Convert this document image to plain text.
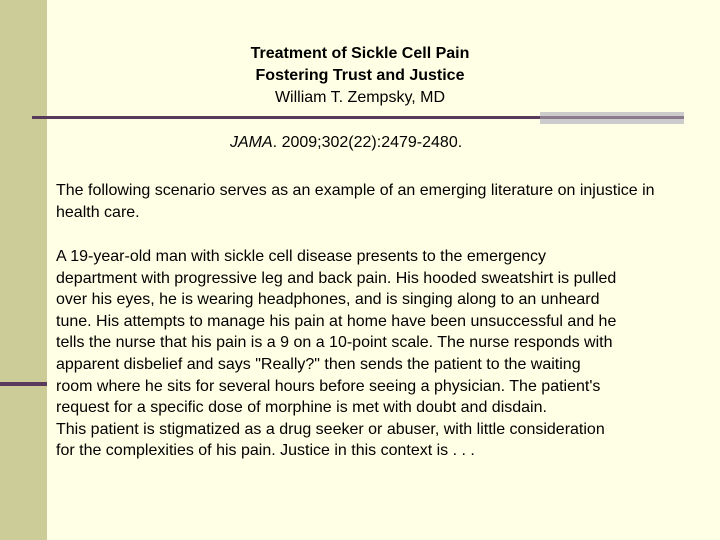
Treatment of Sickle Cell Pain
Fostering Trust and Justice
William T. Zempsky, MD
JAMA. 2009;302(22):2479-2480.
The following scenario serves as an example of an emerging literature on injustice in health care.
A 19-year-old man with sickle cell disease presents to the emergency
department with progressive leg and back pain. His hooded sweatshirt is pulled
over his eyes, he is wearing headphones, and is singing along to an unheard
tune. His attempts to manage his pain at home have been unsuccessful and he
tells the nurse that his pain is a 9 on a 10-point scale. The nurse responds with
apparent disbelief and says "Really?" then sends the patient to the waiting
room where he sits for several hours before seeing a physician. The patient's
request for a specific dose of morphine is met with doubt and disdain.
This patient is stigmatized as a drug seeker or abuser, with little consideration
for the complexities of his pain. Justice in this context is . . .
